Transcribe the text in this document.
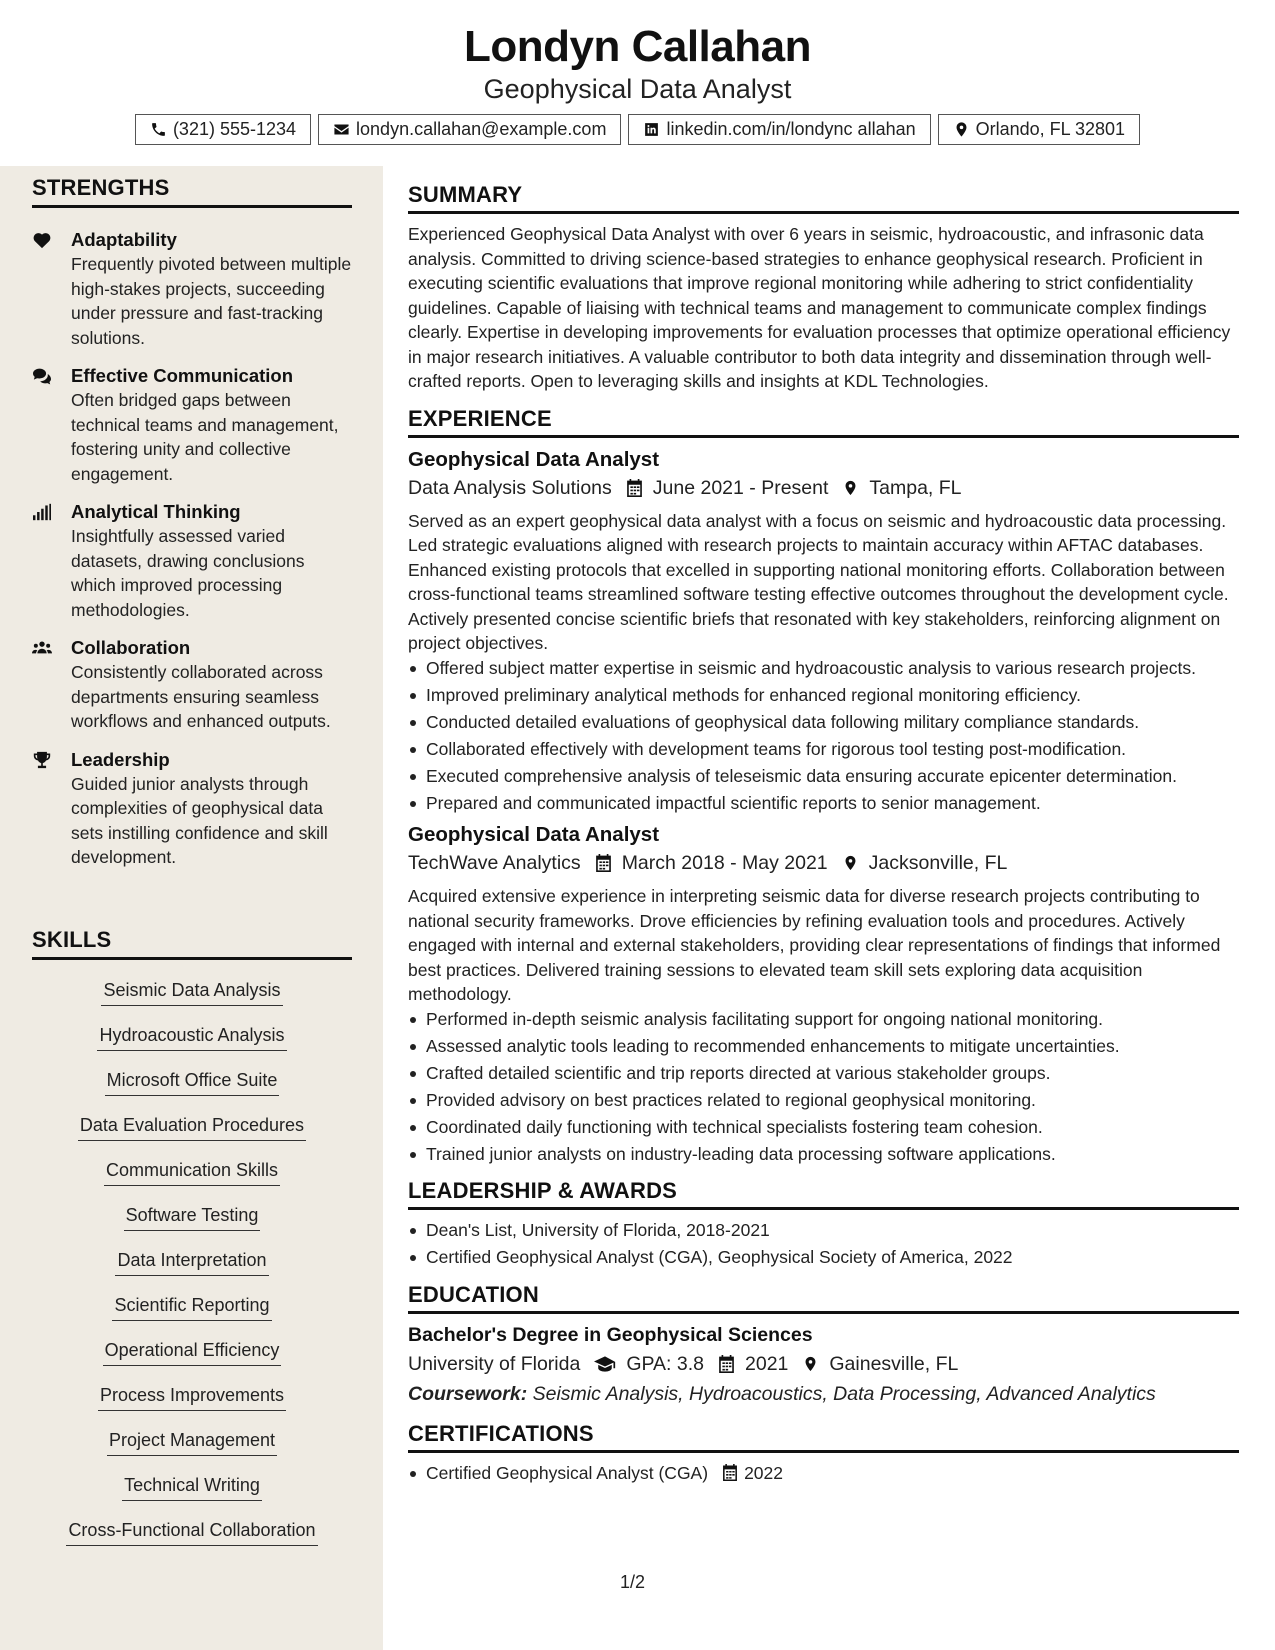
Londyn Callahan
Geophysical Data Analyst
(321) 555-1234	londyn.callahan@example.com	linkedin.com/in/londync allahan	Orlando, FL 32801
STRENGTHS
Adaptability
Frequently pivoted between multiple high-stakes projects, succeeding under pressure and fast-tracking solutions.
Effective Communication
Often bridged gaps between technical teams and management, fostering unity and collective engagement.
Analytical Thinking
Insightfully assessed varied datasets, drawing conclusions which improved processing methodologies.
Collaboration
Consistently collaborated across departments ensuring seamless workflows and enhanced outputs.
Leadership
Guided junior analysts through complexities of geophysical data sets instilling confidence and skill development.
SKILLS
Seismic Data Analysis
Hydroacoustic Analysis
Microsoft Office Suite
Data Evaluation Procedures
Communication Skills
Software Testing
Data Interpretation
Scientific Reporting
Operational Efficiency
Process Improvements
Project Management
Technical Writing
Cross-Functional Collaboration
SUMMARY
Experienced Geophysical Data Analyst with over 6 years in seismic, hydroacoustic, and infrasonic data analysis. Committed to driving science-based strategies to enhance geophysical research. Proficient in executing scientific evaluations that improve regional monitoring while adhering to strict confidentiality guidelines. Capable of liaising with technical teams and management to communicate complex findings clearly. Expertise in developing improvements for evaluation processes that optimize operational efficiency in major research initiatives. A valuable contributor to both data integrity and dissemination through well-crafted reports. Open to leveraging skills and insights at KDL Technologies.
EXPERIENCE
Geophysical Data Analyst
Data Analysis Solutions June 2021 - Present Tampa, FL
Served as an expert geophysical data analyst with a focus on seismic and hydroacoustic data processing. Led strategic evaluations aligned with research projects to maintain accuracy within AFTAC databases. Enhanced existing protocols that excelled in supporting national monitoring efforts. Collaboration between cross-functional teams streamlined software testing effective outcomes throughout the development cycle. Actively presented concise scientific briefs that resonated with key stakeholders, reinforcing alignment on project objectives.
Offered subject matter expertise in seismic and hydroacoustic analysis to various research projects.
Improved preliminary analytical methods for enhanced regional monitoring efficiency.
Conducted detailed evaluations of geophysical data following military compliance standards.
Collaborated effectively with development teams for rigorous tool testing post-modification.
Executed comprehensive analysis of teleseismic data ensuring accurate epicenter determination.
Prepared and communicated impactful scientific reports to senior management.
Geophysical Data Analyst
TechWave Analytics March 2018 - May 2021 Jacksonville, FL
Acquired extensive experience in interpreting seismic data for diverse research projects contributing to national security frameworks. Drove efficiencies by refining evaluation tools and procedures. Actively engaged with internal and external stakeholders, providing clear representations of findings that informed best practices. Delivered training sessions to elevated team skill sets exploring data acquisition methodology.
Performed in-depth seismic analysis facilitating support for ongoing national monitoring.
Assessed analytic tools leading to recommended enhancements to mitigate uncertainties.
Crafted detailed scientific and trip reports directed at various stakeholder groups.
Provided advisory on best practices related to regional geophysical monitoring.
Coordinated daily functioning with technical specialists fostering team cohesion.
Trained junior analysts on industry-leading data processing software applications.
LEADERSHIP & AWARDS
Dean's List, University of Florida, 2018-2021
Certified Geophysical Analyst (CGA), Geophysical Society of America, 2022
EDUCATION
Bachelor's Degree in Geophysical Sciences
University of Florida GPA: 3.8 2021 Gainesville, FL
Coursework: Seismic Analysis, Hydroacoustics, Data Processing, Advanced Analytics
CERTIFICATIONS
Certified Geophysical Analyst (CGA) 2022
1/2
